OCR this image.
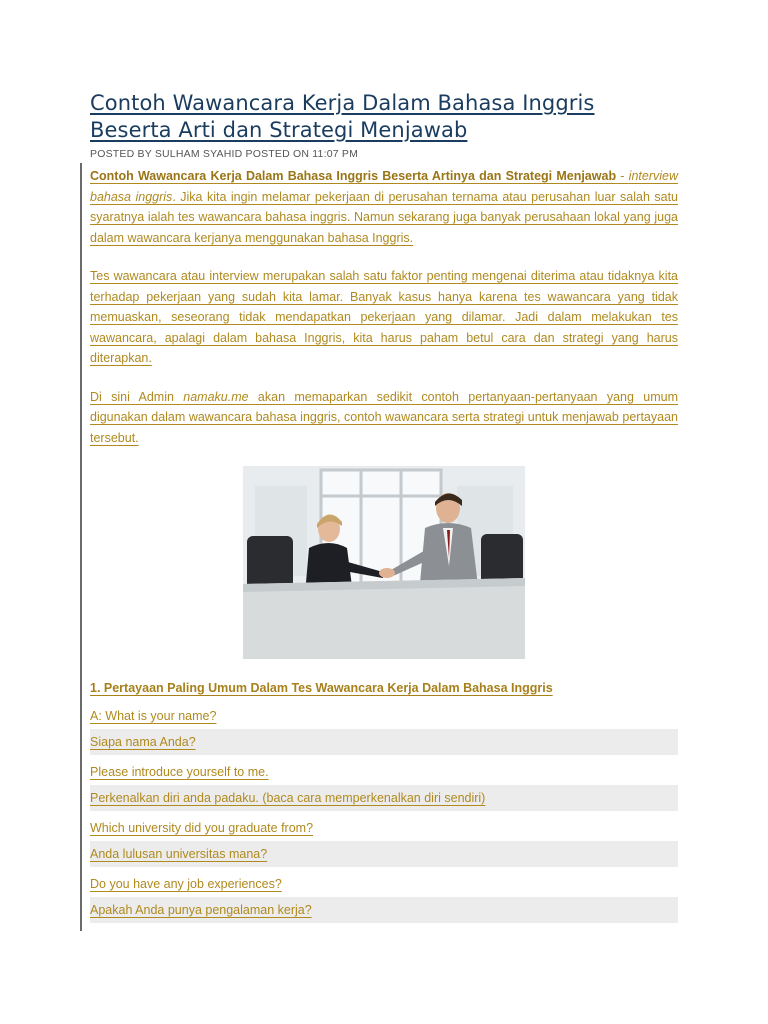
Contoh Wawancara Kerja Dalam Bahasa Inggris
Beserta Arti dan Strategi Menjawab
POSTED BY SULHAM SYAHID POSTED ON 11:07 PM

Contoh Wawancara Kerja Dalam Bahasa Inggris Beserta Artinya dan Strategi Menjawab - interview bahasa inggris. Jika kita ingin melamar pekerjaan di perusahan ternama atau perusahan luar salah satu syaratnya ialah tes wawancara bahasa inggris. Namun sekarang juga banyak perusahaan lokal yang juga dalam wawancara kerjanya menggunakan bahasa Inggris.

Tes wawancara atau interview merupakan salah satu faktor penting mengenai diterima atau tidaknya kita terhadap pekerjaan yang sudah kita lamar. Banyak kasus hanya karena tes wawancara yang tidak memuaskan, seseorang tidak mendapatkan pekerjaan yang dilamar. Jadi dalam melakukan tes wawancara, apalagi dalam bahasa Inggris, kita harus paham betul cara dan strategi yang harus diterapkan.

Di sini Admin namaku.me akan memaparkan sedikit contoh pertanyaan-pertanyaan yang umum digunakan dalam wawancara bahasa inggris, contoh wawancara serta strategi untuk menjawab pertayaan tersebut.

1. Pertayaan Paling Umum Dalam Tes Wawancara Kerja Dalam Bahasa Inggris
A: What is your name?
Siapa nama Anda?
Please introduce yourself to me.
Perkenalkan diri anda padaku. (baca cara memperkenalkan diri sendiri)
Which university did you graduate from?
Anda lulusan universitas mana?
Do you have any job experiences?
Apakah Anda punya pengalaman kerja?
